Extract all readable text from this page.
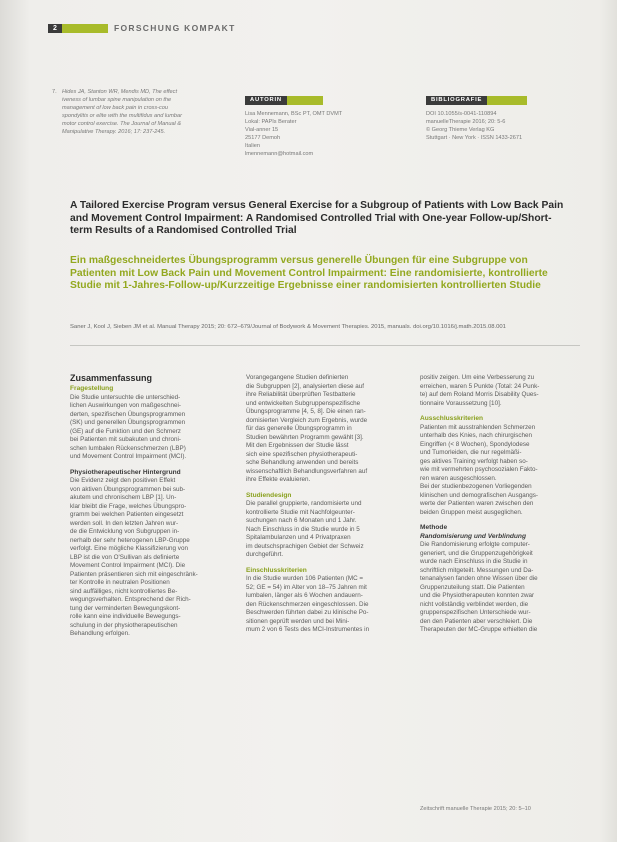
2	FORSCHUNG KOMPAKT
7. Hides JA, Stanton WR, Mendis MD, The effect
iveness of lumbar spine manipulation on the
management of low back pain in cross-cou
spondylitis or elite with the multifidus and lumbar
motor control exercise. The Journal of Manual &
Manipulative Therapy. 2016; 17: 237-245.
AUTORIN
Lisa Mennemann, BSc PT, OMT DVMT
Lokal: PAPIs Berater
Vial-anner 15
25177 Demoh
Italien
lmennemann@hotmail.com
BIBLIOGRAFIE
DOI 10.1055/s-0041-110894
manuelleTherapie 2016; 20: 5-6
© Georg Thieme Verlag KG
Stuttgart · New York · ISSN 1433-2671
A Tailored Exercise Program versus General Exercise for a Subgroup of Patients with Low Back Pain and Movement Control Impairment: A Randomised Controlled Trial with One-year Follow-up/Short-term Results of a Randomised Controlled Trial
Ein maßgeschneidertes Übungsprogramm versus generelle Übungen für eine Subgruppe von Patienten mit Low Back Pain und Movement Control Impairment: Eine randomisierte, kontrollierte Studie mit 1-Jahres-Follow-up/Kurzzeitige Ergebnisse einer randomisierten kontrollierten Studie
Saner J, Kool J, Sieben JM et al. Manual Therapy 2015; 20: 672–679/Journal of Bodywork & Movement Therapies. 2015, manuals. doi.org/10.1016/j.math.2015.08.001

Zusammenfassung

Fragestellung

Die Studie untersuchte die unterschied-
lichen Auswirkungen von maßgeschnei-
derten, spezifischen Übungsprogrammen
(SK) und generellen Übungsprogrammen
(GE) auf die Funktion und den Schmerz
bei Patienten mit subakuten und chroni-
schen lumbalen Rückenschmerzen (LBP)
und Movement Control Impairment (MCI).

Physiotherapeutischer Hintergrund

Die Evidenz zeigt den positiven Effekt
von aktiven Übungsprogrammen bei sub-
akutem und chronischem LBP [1]. Un-
klar bleibt die Frage, welches Übungspro-
gramm bei welchen Patienten eingesetzt
werden soll. In den letzten Jahren wur-
de die Entwicklung von Subgruppen in-
nerhalb der sehr heterogenen LBP-Gruppe
verfolgt. Eine mögliche Klassifizierung von
LBP ist die von O'Sullivan als definierte
Movement Control Impairment (MCI). Die
Patienten präsentieren sich mit eingeschränk-
ter Kontrolle in neutralen Positionen
sind auffälliges, nicht kontrolliertes Be-
wegungsverhalten. Entsprechend der Rich-
tung der verminderten Bewegungskont-
rolle kann eine individuelle Bewegungs-
schulung in der physiotherapeutischen
Behandlung erfolgen.
Vorangegangene Studien definierten
die Subgruppen [2], analysierten diese auf
ihre Reliabilität überprüften Testbatterie
und entwickelten Subgruppenspezifische
Übungsprogramme [4, 5, 8]. Die einen ran-
domisierten Vergleich zum Ergebnis, wurde
für das generelle Übungsprogramm in
Studien bewährten Programm gewählt [3].
Mit den Ergebnissen der Studie lässt
sich eine spezifischen physiotherapeuti-
sche Behandlung anwenden und bereits
wissenschaftlich Behandlungsverfahren auf
ihre Effekte evaluieren.

Studiendesign

Die parallel gruppierte, randomisierte und
kontrollierte Studie mit Nachfolgeunter-
suchungen nach 6 Monaten und 1 Jahr.
Nach Einschluss in die Studie wurde in 5
Spitalambulanzen und 4 Privatpraxen
im deutschsprachigen Gebiet der Schweiz
durchgeführt.

Einschlusskriterien

In die Studie wurden 106 Patienten (MC =
52; GE = 54) im Alter von 18–75 Jahren mit
lumbalen, länger als 6 Wochen andauern-
den Rückenschmerzen eingeschlossen. Die
Beschwerden führten dabei zu klinische Po-
sitionen geprüft werden und bei Mini-
mum 2 von 6 Tests des MCI-Instrumentes in
positiv zeigen. Um eine Verbesserung zu
erreichen, waren 5 Punkte (Total: 24 Punk-
te) auf dem Roland Morris Disability Ques-
tionnaire Voraussetzung [10].

Ausschlusskriterien

Patienten mit ausstrahlenden Schmerzen
unterhalb des Knies, nach chirurgischen
Eingriffen (< 8 Wochen), Spondylodese
und Tumorleiden, die nur regelmäßi-
ges aktives Training verfolgt haben so-
wie mit vermehrten psychosozialen Fakto-
ren waren ausgeschlossen.
Bei der studienbezogenen Vorliegenden
klinischen und demografischen Ausgangs-
werte der Patienten waren zwischen den
beiden Gruppen meist ausgeglichen.

Methode

Randomisierung und Verblindung

Die Randomisierung erfolgte computer-
generiert, und die Gruppenzugehörigkeit
wurde nach Einschluss in die Studie in
schriftlich mitgeteilt. Messungen und Da-
tenanalysen fanden ohne Wissen über die
Gruppenzuteilung statt. Die Patienten
und die Physiotherapeuten konnten zwar
nicht vollständig verblindet werden, die
gruppenspezifischen Unterschiede wur-
den den Patienten aber verschleiert. Die
Therapeuten der MC-Gruppe erhielten die
Zeitschrift manuelle Therapie 2015; 20: 5–10
